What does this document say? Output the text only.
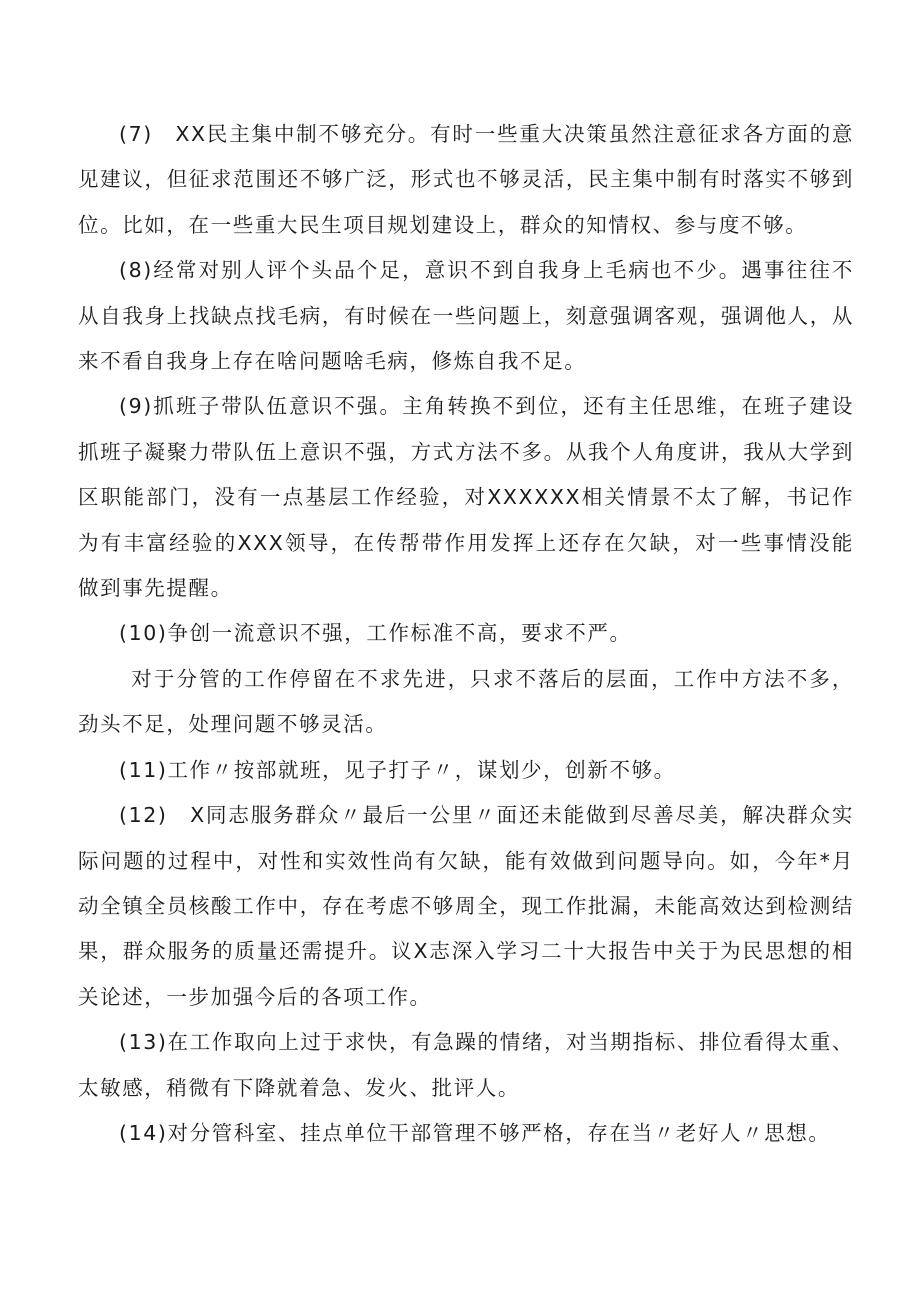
(7)　XX民主集中制不够充分。有时一些重大决策虽然注意征求各方面的意见建议，但征求范围还不够广泛，形式也不够灵活，民主集中制有时落实不够到位。比如，在一些重大民生项目规划建设上，群众的知情权、参与度不够。

(8)经常对别人评个头品个足，意识不到自我身上毛病也不少。遇事往往不从自我身上找缺点找毛病，有时候在一些问题上，刻意强调客观，强调他人，从来不看自我身上存在啥问题啥毛病，修炼自我不足。

(9)抓班子带队伍意识不强。主角转换不到位，还有主任思维，在班子建设抓班子凝聚力带队伍上意识不强，方式方法不多。从我个人角度讲，我从大学到区职能部门，没有一点基层工作经验，对XXXXXX相关情景不太了解，书记作为有丰富经验的XXX领导，在传帮带作用发挥上还存在欠缺，对一些事情没能做到事先提醒。

(10)争创一流意识不强，工作标准不高，要求不严。

对于分管的工作停留在不求先进，只求不落后的层面，工作中方法不多，劲头不足，处理问题不够灵活。

(11)工作〃按部就班，见子打子〃，谋划少，创新不够。

(12)　X同志服务群众〃最后一公里〃面还未能做到尽善尽美，解决群众实际问题的过程中，对性和实效性尚有欠缺，能有效做到问题导向。如，今年*月动全镇全员核酸工作中，存在考虑不够周全，现工作批漏，未能高效达到检测结果，群众服务的质量还需提升。议X志深入学习二十大报告中关于为民思想的相关论述，一步加强今后的各项工作。

(13)在工作取向上过于求快，有急躁的情绪，对当期指标、排位看得太重、太敏感，稍微有下降就着急、发火、批评人。

(14)对分管科室、挂点单位干部管理不够严格，存在当〃老好人〃思想。
